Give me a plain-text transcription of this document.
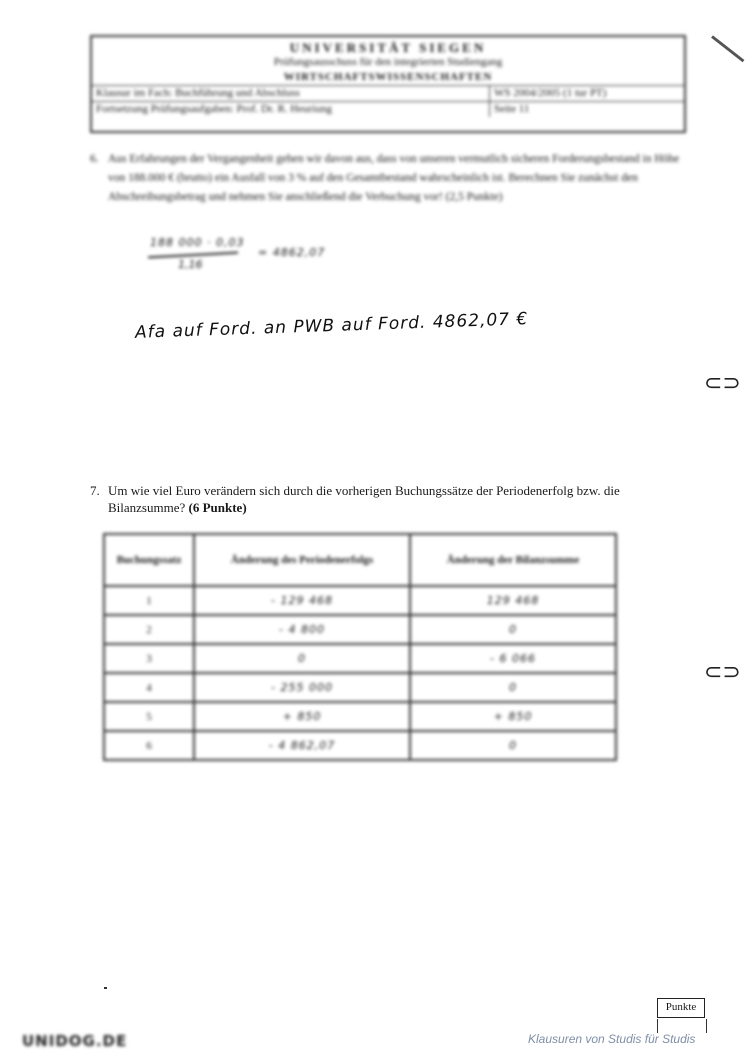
UNIVERSITÄT SIEGEN
Prüfungsausschuss für den integrierten Studiengang
WIRTSCHAFTSWISSENSCHAFTEN
Klausur im Fach: Buchführung und Abschluss	WS 2004/2005 (1 tur PT)
Fortsetzung Prüfungsaufgaben: Prof. Dr. R. Heuriung	Seite 11
6. Aus Erfahrungen der Vergangenheit gehen wir davon aus, dass von unseren vermutlich sicheren Forderungsbestand in Höhe von 188.000 € (brutto) ein Ausfall von 3 % auf den Gesamtbestand wahrscheinlich ist. Berechnen Sie zunächst den Abschreibungsbetrag und nehmen Sie anschließend die Verbuchung vor! (2,5 Punkte)
Buchungssatz	Änderung des Periodenerfolgs	Änderung der Bilanzsumme
1	- 129 468	129 468
2	- 4 800	0
3	0	- 6 066
4	- 255 000	0
5	+ 850	+ 850
6	- 4 862,07	0
188 000 · 0,03
1,16
= 4862,07
UNIDOG.DE
Afa auf Ford. an PWB auf Ford. 4862,07 €
7. Um wie viel Euro verändern sich durch die vorherigen Buchungssätze der Periodenerfolg bzw. die Bilanzsumme? (6 Punkte)
⊂⊃
⊂⊃
Punkte
Klausuren von Studis für Studis
